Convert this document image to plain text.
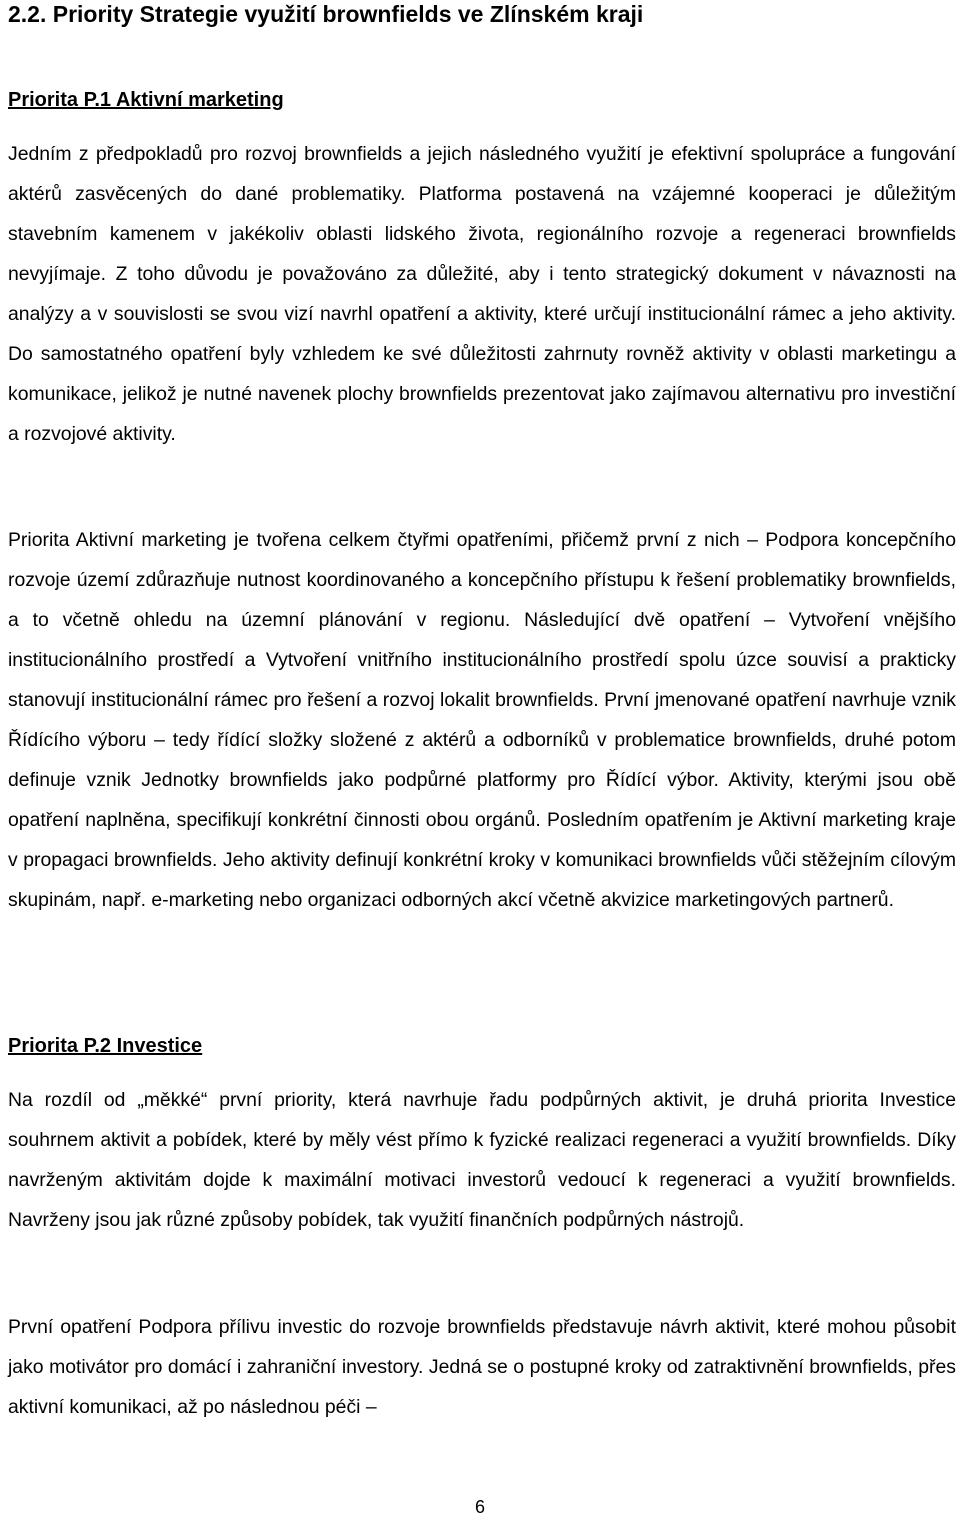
2.2. Priority Strategie využití brownfields ve Zlínském kraji
Priorita P.1 Aktivní marketing

Jedním z předpokladů pro rozvoj brownfields a jejich následného využití je efektivní spolupráce a fungování aktérů zasvěcených do dané problematiky. Platforma postavená na vzájemné kooperaci je důležitým stavebním kamenem v jakékoliv oblasti lidského života, regionálního rozvoje a regeneraci brownfields nevyjímaje. Z toho důvodu je považováno za důležité, aby i tento strategický dokument v návaznosti na analýzy a v souvislosti se svou vizí navrhl opatření a aktivity, které určují institucionální rámec a jeho aktivity. Do samostatného opatření byly vzhledem ke své důležitosti zahrnuty rovněž aktivity v oblasti marketingu a komunikace, jelikož je nutné navenek plochy brownfields prezentovat jako zajímavou alternativu pro investiční a rozvojové aktivity.

Priorita Aktivní marketing je tvořena celkem čtyřmi opatřeními, přičemž první z nich – Podpora koncepčního rozvoje území zdůrazňuje nutnost koordinovaného a koncepčního přístupu k řešení problematiky brownfields, a to včetně ohledu na územní plánování v regionu. Následující dvě opatření – Vytvoření vnějšího institucionálního prostředí a Vytvoření vnitřního institucionálního prostředí spolu úzce souvisí a prakticky stanovují institucionální rámec pro řešení a rozvoj lokalit brownfields. První jmenované opatření navrhuje vznik Řídícího výboru – tedy řídící složky složené z aktérů a odborníků v problematice brownfields, druhé potom definuje vznik Jednotky brownfields jako podpůrné platformy pro Řídící výbor. Aktivity, kterými jsou obě opatření naplněna, specifikují konkrétní činnosti obou orgánů. Posledním opatřením je Aktivní marketing kraje v propagaci brownfields. Jeho aktivity definují konkrétní kroky v komunikaci brownfields vůči stěžejním cílovým skupinám, např. e-marketing nebo organizaci odborných akcí včetně akvizice marketingových partnerů.

Priorita P.2 Investice

Na rozdíl od „měkké“ první priority, která navrhuje řadu podpůrných aktivit, je druhá priorita Investice souhrnem aktivit a pobídek, které by měly vést přímo k fyzické realizaci regeneraci a využití brownfields. Díky navrženým aktivitám dojde k maximální motivaci investorů vedoucí k regeneraci a využití brownfields. Navrženy jsou jak různé způsoby pobídek, tak využití finančních podpůrných nástrojů.

První opatření Podpora přílivu investic do rozvoje brownfields představuje návrh aktivit, které mohou působit jako motivátor pro domácí i zahraniční investory. Jedná se o postupné kroky od zatraktivnění brownfields, přes aktivní komunikaci, až po následnou péči –

6
